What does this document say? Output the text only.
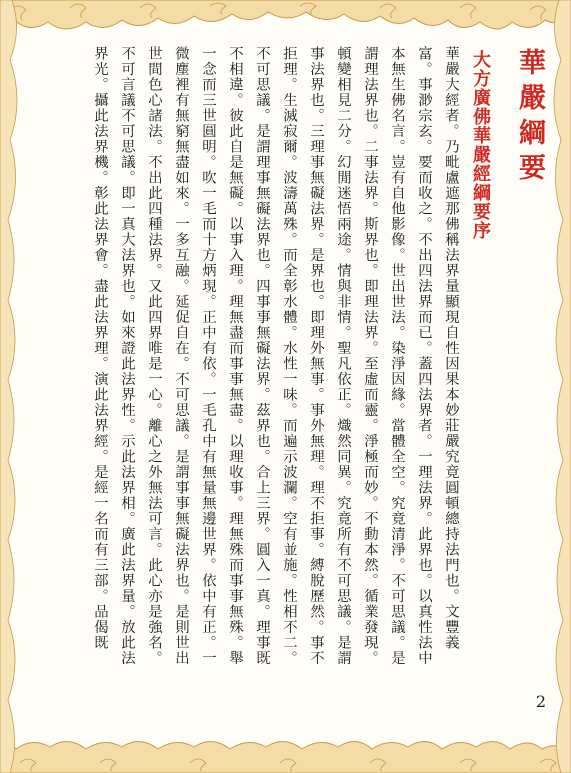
華嚴綱要
大方廣佛華嚴經綱要序
華嚴大經者。乃毗盧遮那佛稱法界量顯現自性因果本妙莊嚴究竟圓頓總持法門也。文豐義
富。事渺宗玄。要而收之。不出四法界而已。蓋四法界者。一理法界。此界也。以真性法中
本無生佛名言。豈有自他影像。世出世法。染淨因緣。當體全空。究竟清淨。不可思議。是
謂理法界也。二事法界。斯界也。即理法界。至虛而靈。淨極而妙。不動本然。循業發現。
頓變相見二分。幻閒迷悟兩途。情與非情。聖凡依正。熾然同異。究竟所有不可思議。是謂
事法界也。三理事無礙法界。是界也。即理外無事。事外無理。理不拒事。縛脫歷然。事不
拒理。生滅寂爾。波濤萬殊。而全彰水體。水性一味。而遍示波瀾。空有並施。性相不二。
不可思議。是謂理事無礙法界也。四事事無礙法界。茲界也。合上三界。圓入一真。理事既
不相違。彼此自是無礙。以事入理。理無盡而事事無盡。以理收事。理無殊而事事無殊。舉
一念而三世圓明。吹一毛而十方炳現。正中有依。一毛孔中有無量無邊世界。依中有正。一
微塵裡有無窮無盡如來。一多互融。延促自在。不可思議。是謂事事無礙法界也。是則世出
世間色心諸法。不出此四種法界。又此四界唯是一心。離心之外無法可言。此心亦是強名。
不可言議不可思議。即一真大法界也。如來證此法界性。示此法界相。廣此法界量。放此法
界光。攝此法界機。彰此法界會。盡此法界理。演此法界經。是經一名而有三部。品偈既
2
